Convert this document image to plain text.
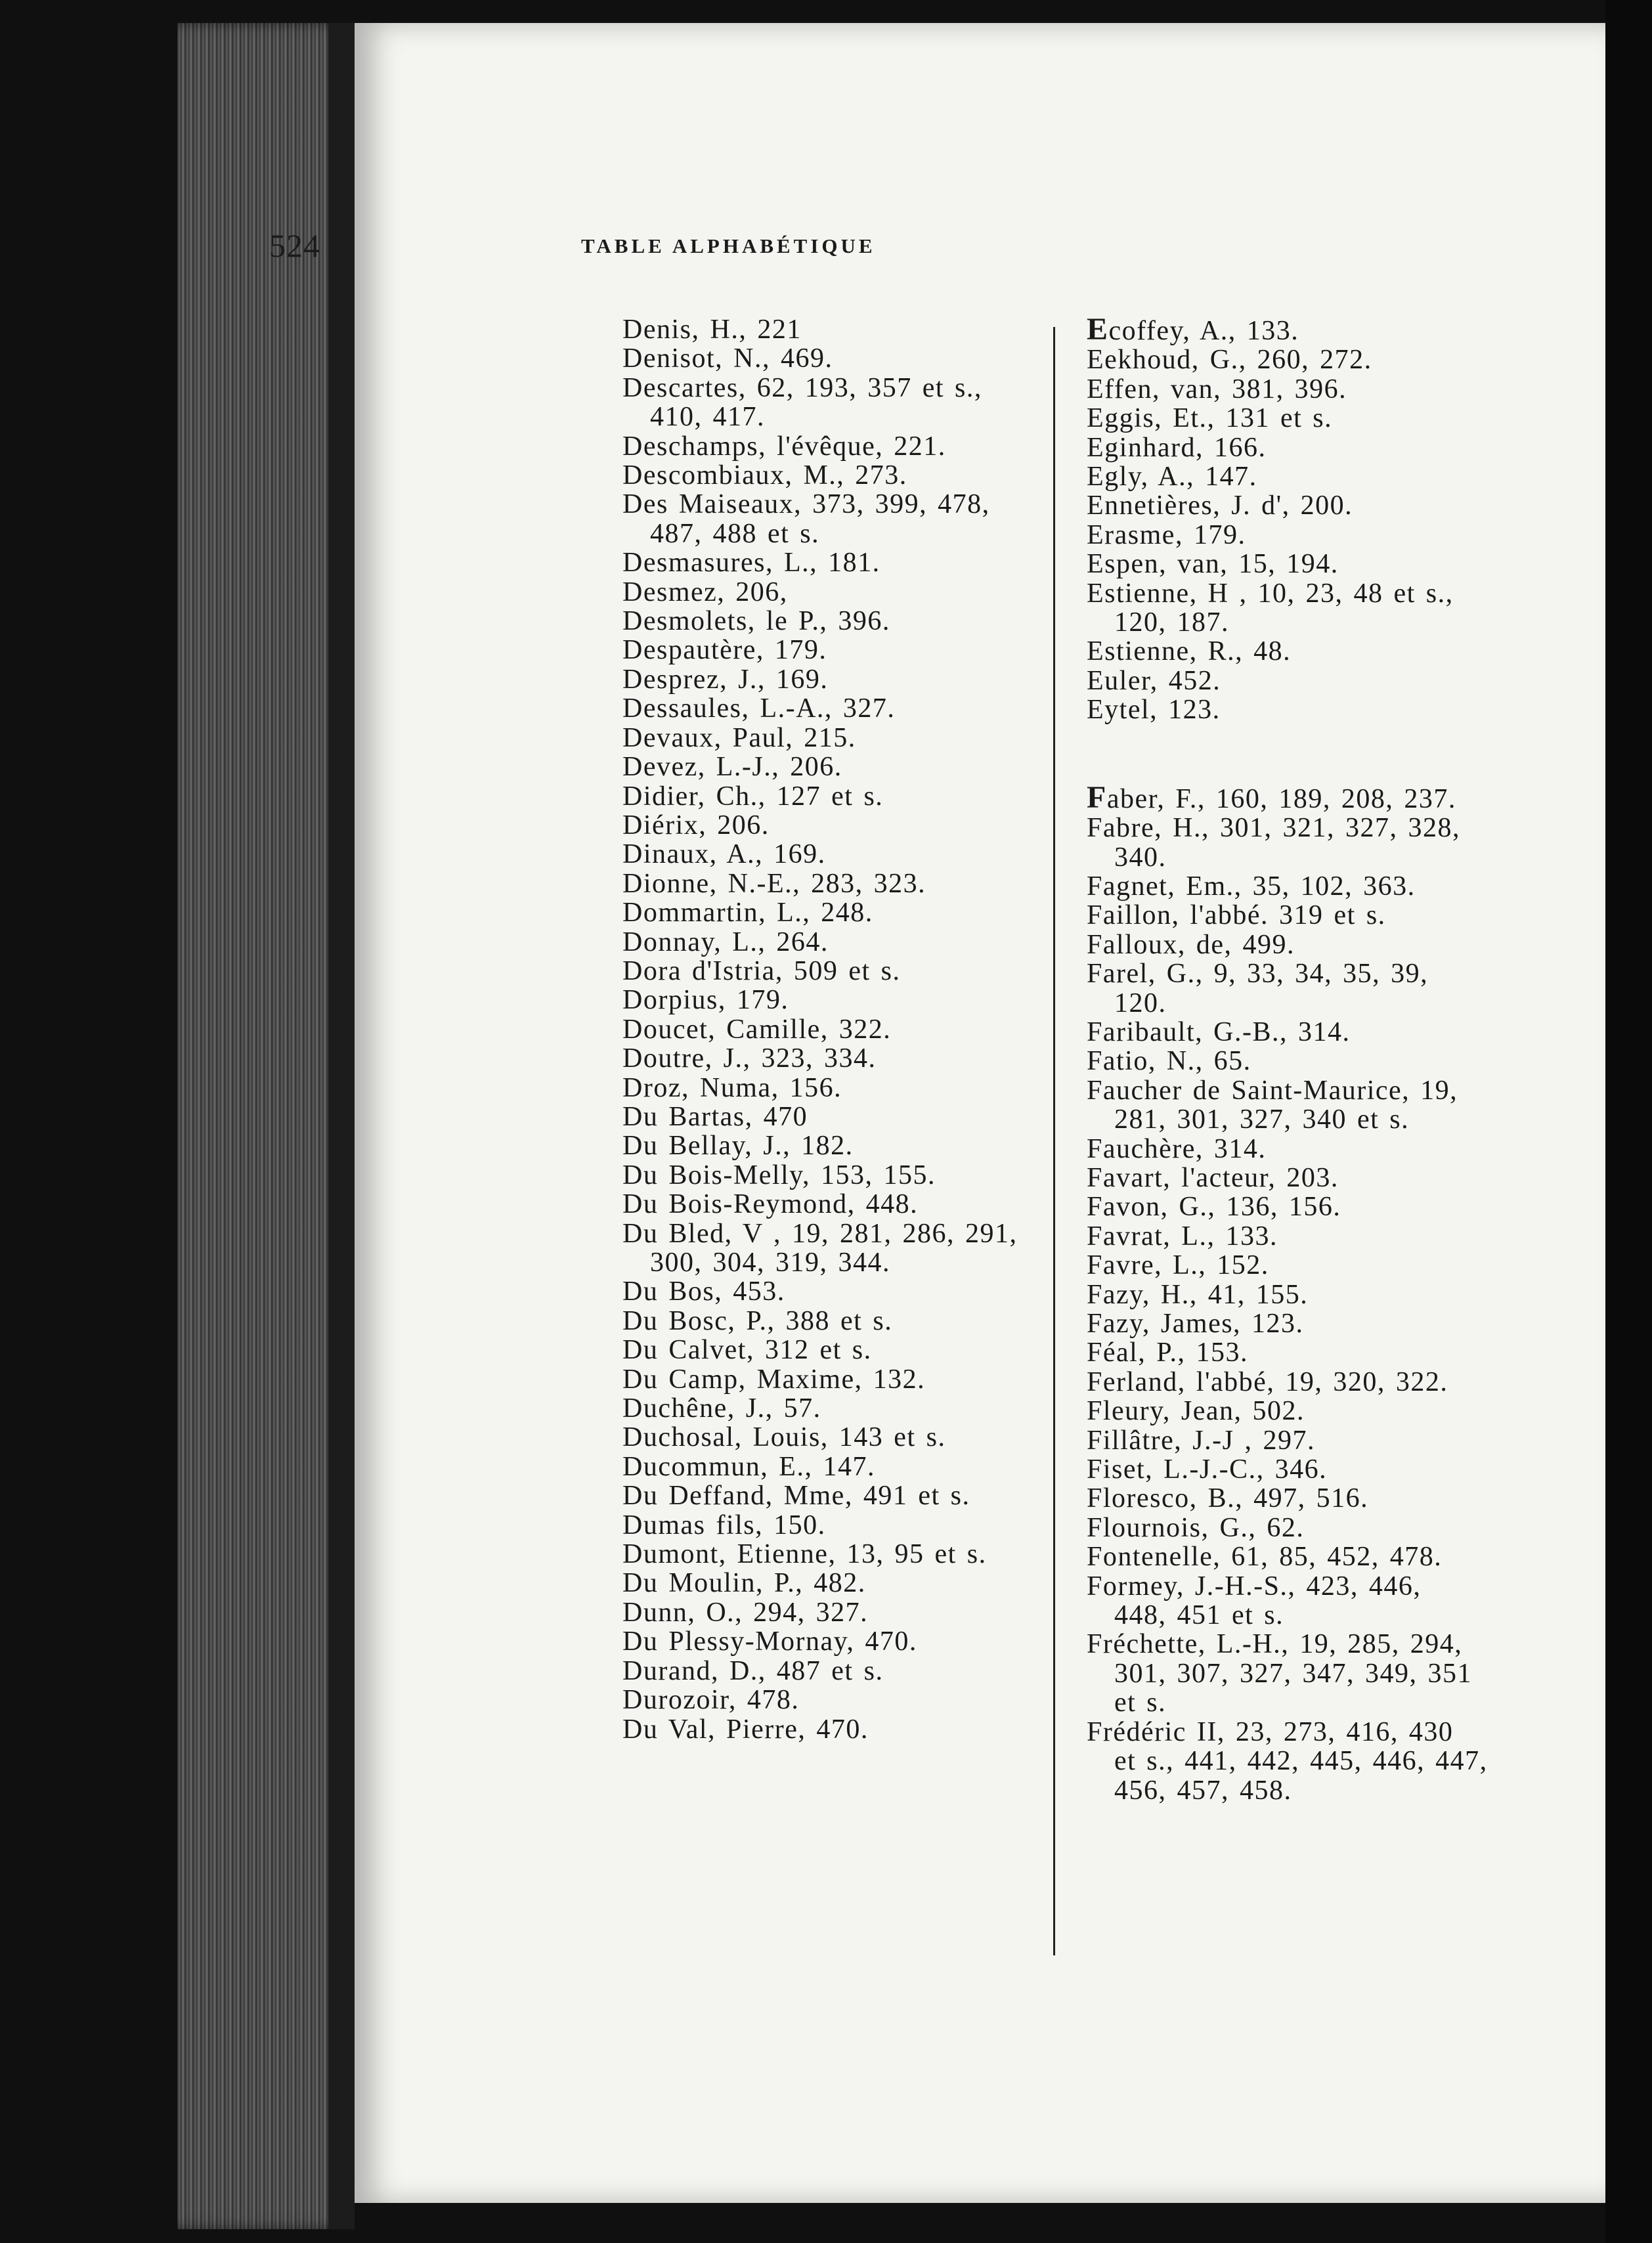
524	TABLE ALPHABÉTIQUE
Denis, H., 221
Denisot, N., 469.
Descartes, 62, 193, 357 et s.,
410, 417.
Deschamps, l'évêque, 221.
Descombiaux, M., 273.
Des Maiseaux, 373, 399, 478,
487, 488 et s.
Desmasures, L., 181.
Desmez, 206,
Desmolets, le P., 396.
Despautère, 179.
Desprez, J., 169.
Dessaules, L.-A., 327.
Devaux, Paul, 215.
Devez, L.-J., 206.
Didier, Ch., 127 et s.
Diérix, 206.
Dinaux, A., 169.
Dionne, N.-E., 283, 323.
Dommartin, L., 248.
Donnay, L., 264.
Dora d'Istria, 509 et s.
Dorpius, 179.
Doucet, Camille, 322.
Doutre, J., 323, 334.
Droz, Numa, 156.
Du Bartas, 470
Du Bellay, J., 182.
Du Bois-Melly, 153, 155.
Du Bois-Reymond, 448.
Du Bled, V , 19, 281, 286, 291,
300, 304, 319, 344.
Du Bos, 453.
Du Bosc, P., 388 et s.
Du Calvet, 312 et s.
Du Camp, Maxime, 132.
Duchêne, J., 57.
Duchosal, Louis, 143 et s.
Ducommun, E., 147.
Du Deffand, Mme, 491 et s.
Dumas fils, 150.
Dumont, Etienne, 13, 95 et s.
Du Moulin, P., 482.
Dunn, O., 294, 327.
Du Plessy-Mornay, 470.
Durand, D., 487 et s.
Durozoir, 478.
Du Val, Pierre, 470.
Ecoffey, A., 133.
Eekhoud, G., 260, 272.
Effen, van, 381, 396.
Eggis, Et., 131 et s.
Eginhard, 166.
Egly, A., 147.
Ennetières, J. d', 200.
Erasme, 179.
Espen, van, 15, 194.
Estienne, H , 10, 23, 48 et s.,
120, 187.
Estienne, R., 48.
Euler, 452.
Eytel, 123.
Faber, F., 160, 189, 208, 237.
Fabre, H., 301, 321, 327, 328,
340.
Fagnet, Em., 35, 102, 363.
Faillon, l'abbé. 319 et s.
Falloux, de, 499.
Farel, G., 9, 33, 34, 35, 39,
120.
Faribault, G.-B., 314.
Fatio, N., 65.
Faucher de Saint-Maurice, 19,
281, 301, 327, 340 et s.
Fauchère, 314.
Favart, l'acteur, 203.
Favon, G., 136, 156.
Favrat, L., 133.
Favre, L., 152.
Fazy, H., 41, 155.
Fazy, James, 123.
Féal, P., 153.
Ferland, l'abbé, 19, 320, 322.
Fleury, Jean, 502.
Fillâtre, J.-J , 297.
Fiset, L.-J.-C., 346.
Floresco, B., 497, 516.
Flournois, G., 62.
Fontenelle, 61, 85, 452, 478.
Formey, J.-H.-S., 423, 446,
448, 451 et s.
Fréchette, L.-H., 19, 285, 294,
301, 307, 327, 347, 349, 351
et s.
Frédéric II, 23, 273, 416, 430
et s., 441, 442, 445, 446, 447,
456, 457, 458.
